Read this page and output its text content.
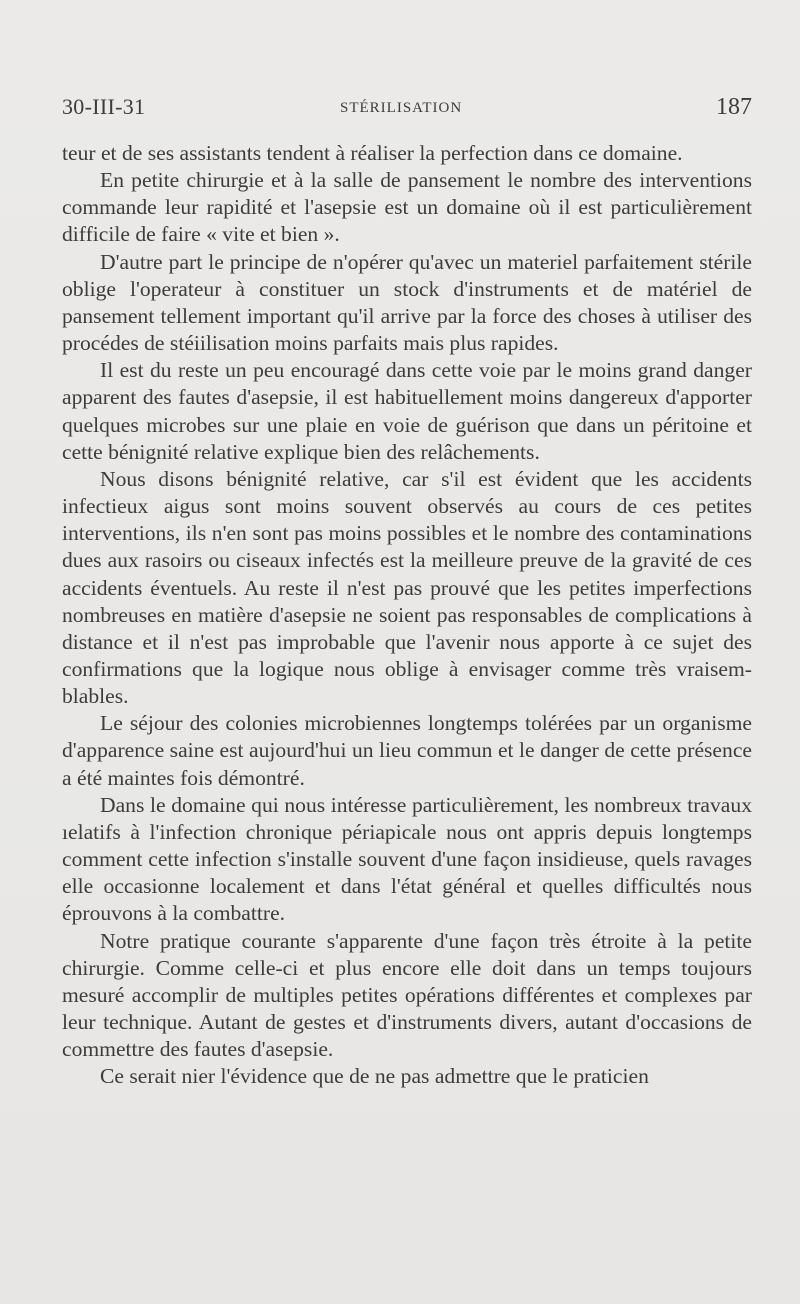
30-III-31	STÉRILISATION	187

teur et de ses assistants tendent à réaliser la perfection dans ce domaine.

En petite chirurgie et à la salle de pansement le nombre des interventions commande leur rapidité et l'asepsie est un domaine où il est particulièrement difficile de faire « vite et bien ».

D'autre part le principe de n'opérer qu'avec un materiel parfaitement stérile oblige l'operateur à constituer un stock d'instruments et de matériel de pansement tellement important qu'il arrive par la force des choses à utiliser des procédes de stéiilisation moins parfaits mais plus rapides.

Il est du reste un peu encouragé dans cette voie par le moins grand danger apparent des fautes d'asepsie, il est habituellement moins dangereux d'apporter quelques microbes sur une plaie en voie de guérison que dans un péritoine et cette bénignité relative explique bien des relâchements.

Nous disons bénignité relative, car s'il est évident que les accidents infectieux aigus sont moins souvent observés au cours de ces petites interventions, ils n'en sont pas moins possibles et le nombre des contaminations dues aux rasoirs ou ciseaux infectés est la meilleure preuve de la gravité de ces accidents éventuels. Au reste il n'est pas prouvé que les petites imperfections nombreuses en matière d'asepsie ne soient pas responsables de complications à distance et il n'est pas improbable que l'avenir nous apporte à ce sujet des confirmations que la logique nous oblige à envisager comme très vraisemblables.

Le séjour des colonies microbiennes longtemps tolérées par un organisme d'apparence saine est aujourd'hui un lieu commun et le danger de cette présence a été maintes fois démontré.

Dans le domaine qui nous intéresse particulièrement, les nombreux travaux ıelatifs à l'infection chronique périapicale nous ont appris depuis longtemps comment cette infection s'installe souvent d'une façon insidieuse, quels ravages elle occasionne localement et dans l'état général et quelles difficultés nous éprouvons à la combattre.

Notre pratique courante s'apparente d'une façon très étroite à la petite chirurgie. Comme celle-ci et plus encore elle doit dans un temps toujours mesuré accomplir de multiples petites opérations différentes et complexes par leur technique. Autant de gestes et d'instruments divers, autant d'occasions de commettre des fautes d'asepsie.

Ce serait nier l'évidence que de ne pas admettre que le praticien
